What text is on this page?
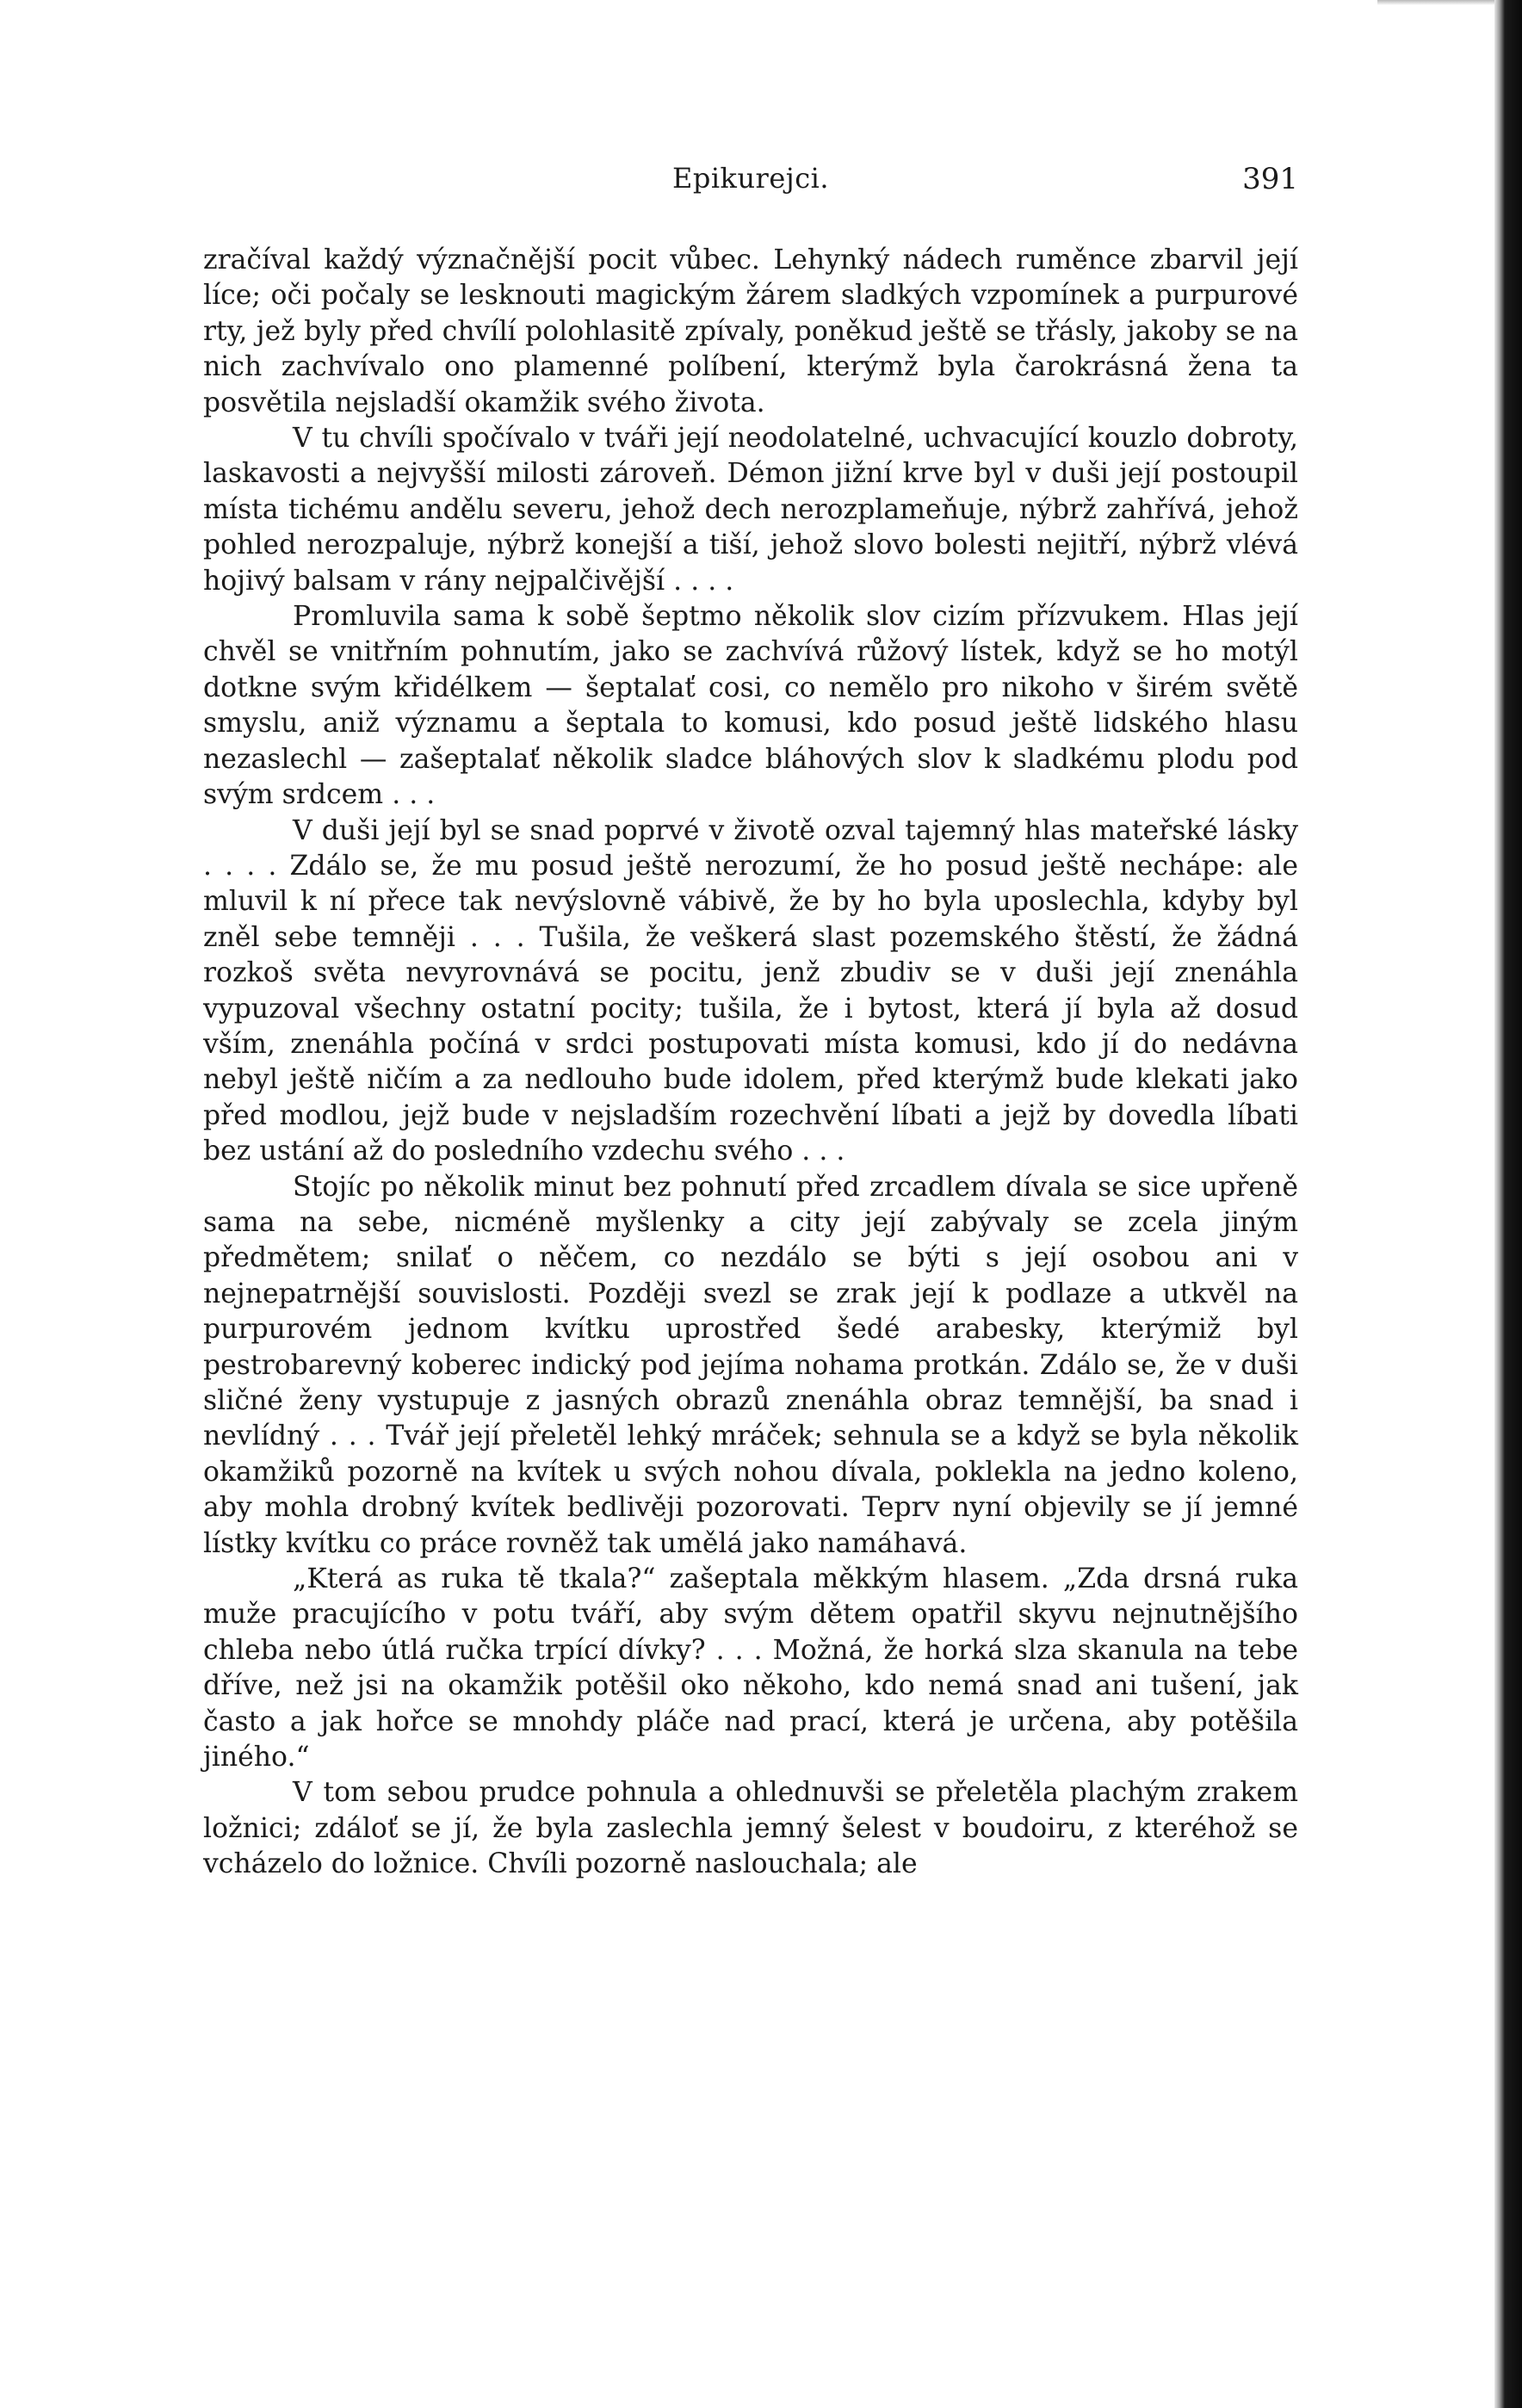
Epikurejci.	391

zračíval každý význačnější pocit vůbec. Lehynký nádech ruměnce zbarvil její líce; oči počaly se lesknouti magickým žárem sladkých vzpomínek a purpurové rty, jež byly před chvílí polohlasitě zpívaly, poněkud ještě se třásly, jakoby se na nich zachvívalo ono plamenné políbení, kterýmž byla čarokrásná žena ta posvětila nejsladší okamžik svého života.

V tu chvíli spočívalo v tváři její neodolatelné, uchvacující kouzlo dobroty, laskavosti a nejvyšší milosti zároveň. Démon jižní krve byl v duši její postoupil místa tichému andělu severu, jehož dech nerozplameňuje, nýbrž zahřívá, jehož pohled nerozpaluje, nýbrž konejší a tiší, jehož slovo bolesti nejitří, nýbrž vlévá hojivý balsam v rány nejpalčivější . . . .

Promluvila sama k sobě šeptmo několik slov cizím přízvukem. Hlas její chvěl se vnitřním pohnutím, jako se zachvívá růžový lístek, když se ho motýl dotkne svým křidélkem — šeptalať cosi, co nemělo pro nikoho v širém světě smyslu, aniž významu a šeptala to komusi, kdo posud ještě lidského hlasu nezaslechl — zašeptalať několik sladce bláhových slov k sladkému plodu pod svým srdcem . . .

V duši její byl se snad poprvé v životě ozval tajemný hlas mateřské lásky . . . . Zdálo se, že mu posud ještě nerozumí, že ho posud ještě nechápe: ale mluvil k ní přece tak nevýslovně vábivě, že by ho byla uposlechla, kdyby byl zněl sebe temněji . . . Tušila, že veškerá slast pozemského štěstí, že žádná rozkoš světa nevyrovnává se pocitu, jenž zbudiv se v duši její znenáhla vypuzoval všechny ostatní pocity; tušila, že i bytost, která jí byla až dosud vším, znenáhla počíná v srdci postupovati místa komusi, kdo jí do nedávna nebyl ještě ničím a za nedlouho bude idolem, před kterýmž bude klekati jako před modlou, jejž bude v nejsladším rozechvění líbati a jejž by dovedla líbati bez ustání až do posledního vzdechu svého . . .

Stojíc po několik minut bez pohnutí před zrcadlem dívala se sice upřeně sama na sebe, nicméně myšlenky a city její zabývaly se zcela jiným předmětem; snilať o něčem, co nezdálo se býti s její osobou ani v nejnepatrnější souvislosti. Později svezl se zrak její k podlaze a utkvěl na purpurovém jednom kvítku uprostřed šedé arabesky, kterýmiž byl pestrobarevný koberec indický pod jejíma nohama protkán. Zdálo se, že v duši sličné ženy vystupuje z jasných obrazů znenáhla obraz temnější, ba snad i nevlídný . . . Tvář její přeletěl lehký mráček; sehnula se a když se byla několik okamžiků pozorně na kvítek u svých nohou dívala, poklekla na jedno koleno, aby mohla drobný kvítek bedlivěji pozorovati. Teprv nyní objevily se jí jemné lístky kvítku co práce rovněž tak umělá jako namáhavá.

„Která as ruka tě tkala?“ zašeptala měkkým hlasem. „Zda drsná ruka muže pracujícího v potu tváří, aby svým dětem opatřil skyvu nejnutnějšího chleba nebo útlá ručka trpící dívky? . . . Možná, že horká slza skanula na tebe dříve, než jsi na okamžik potěšil oko někoho, kdo nemá snad ani tušení, jak často a jak hořce se mnohdy pláče nad prací, která je určena, aby potěšila jiného.“

V tom sebou prudce pohnula a ohlednuvši se přeletěla plachým zrakem ložnici; zdáloť se jí, že byla zaslechla jemný šelest v boudoiru, z kteréhož se vcházelo do ložnice. Chvíli pozorně naslouchala; ale
